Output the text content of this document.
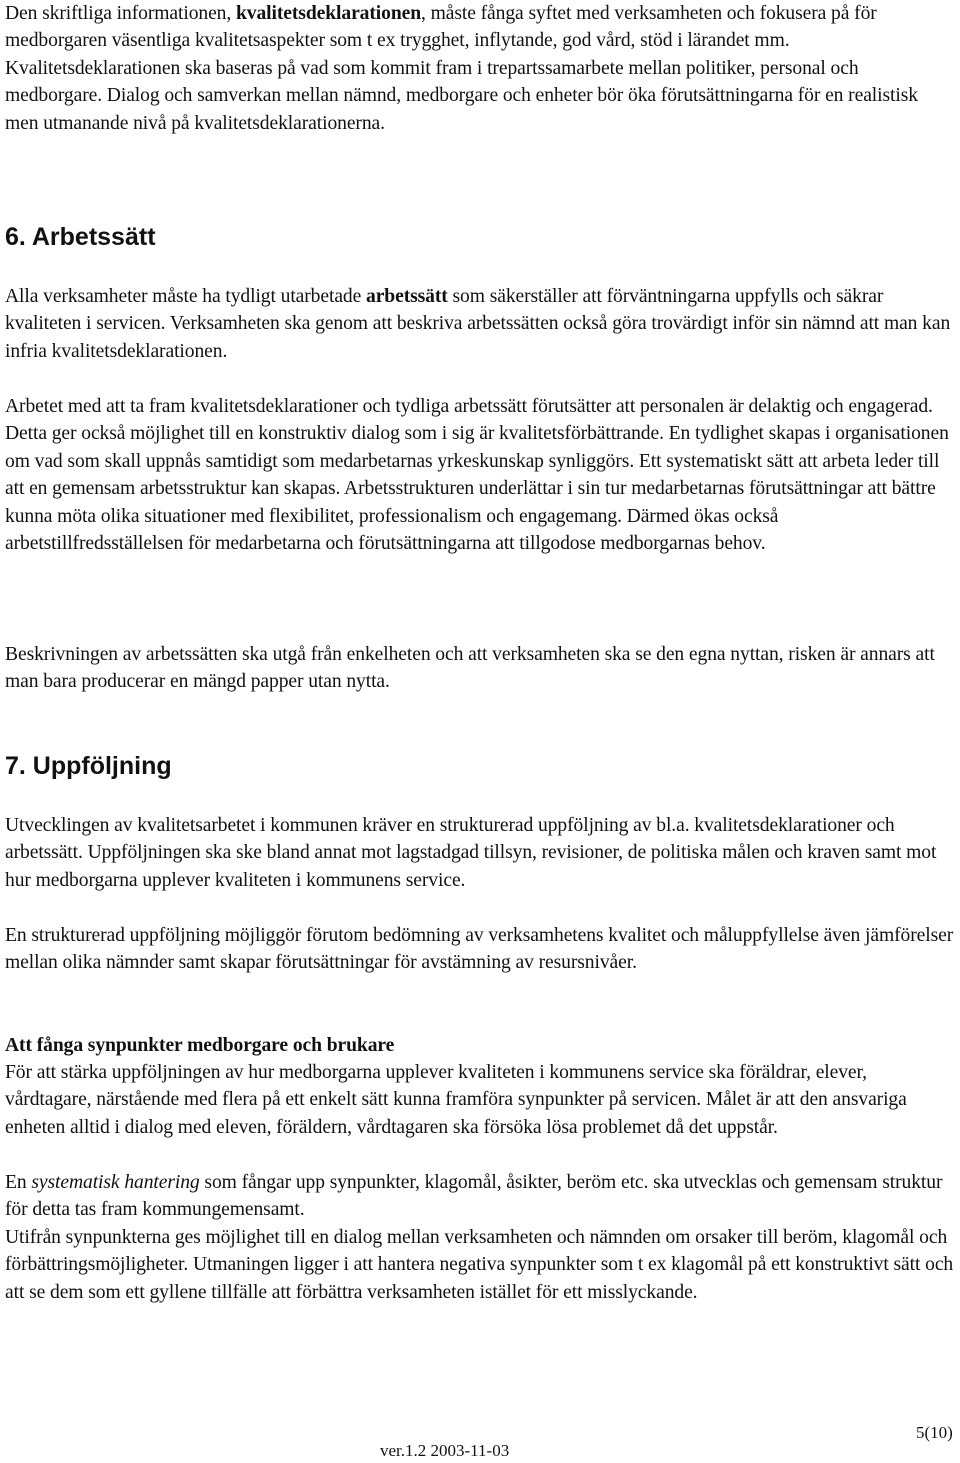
Den skriftliga informationen, kvalitetsdeklarationen, måste fånga syftet med verksamheten och fokusera på för medborgaren väsentliga kvalitetsaspekter som t ex trygghet, inflytande, god vård, stöd i lärandet mm. Kvalitetsdeklarationen ska baseras på vad som kommit fram i trepartssamarbete mellan politiker, personal och medborgare. Dialog och samverkan mellan nämnd, medborgare och enheter bör öka förutsättningarna för en realistisk men utmanande nivå på kvalitetsdeklarationerna.

6. Arbetssätt

Alla verksamheter måste ha tydligt utarbetade arbetssätt som säkerställer att förväntningarna uppfylls och säkrar kvaliteten i servicen. Verksamheten ska genom att beskriva arbetssätten också göra trovärdigt inför sin nämnd att man kan infria kvalitetsdeklarationen.

Arbetet med att ta fram kvalitetsdeklarationer och tydliga arbetssätt förutsätter att personalen är delaktig och engagerad. Detta ger också möjlighet till en konstruktiv dialog som i sig är kvalitetsförbättrande. En tydlighet skapas i organisationen om vad som skall uppnås samtidigt som medarbetarnas yrkeskunskap synliggörs. Ett systematiskt sätt att arbeta leder till att en gemensam arbetsstruktur kan skapas. Arbetsstrukturen underlättar i sin tur medarbetarnas förutsättningar att bättre kunna möta olika situationer med flexibilitet, professionalism och engagemang. Därmed ökas också arbetstillfredsställelsen för medarbetarna och förutsättningarna att tillgodose medborgarnas behov.

Beskrivningen av arbetssätten ska utgå från enkelheten och att verksamheten ska se den egna nyttan, risken är annars att man bara producerar en mängd papper utan nytta.

7. Uppföljning

Utvecklingen av kvalitetsarbetet i kommunen kräver en strukturerad uppföljning av bl.a. kvalitetsdeklarationer och arbetssätt. Uppföljningen ska ske bland annat mot lagstadgad tillsyn, revisioner, de politiska målen och kraven samt mot hur medborgarna upplever kvaliteten i kommunens service.

En strukturerad uppföljning möjliggör förutom bedömning av verksamhetens kvalitet och måluppfyllelse även jämförelser mellan olika nämnder samt skapar förutsättningar för avstämning av resursnivåer.

Att fånga synpunkter medborgare och brukare

För att stärka uppföljningen av hur medborgarna upplever kvaliteten i kommunens service ska föräldrar, elever, vårdtagare, närstående med flera på ett enkelt sätt kunna framföra synpunkter på servicen. Målet är att den ansvariga enheten alltid i dialog med eleven, föräldern, vårdtagaren ska försöka lösa problemet då det uppstår.

En systematisk hantering som fångar upp synpunkter, klagomål, åsikter, beröm etc. ska utvecklas och gemensam struktur för detta tas fram kommungemensamt.

Utifrån synpunkterna ges möjlighet till en dialog mellan verksamheten och nämnden om orsaker till beröm, klagomål och förbättringsmöjligheter. Utmaningen ligger i att hantera negativa synpunkter som t ex klagomål på ett konstruktivt sätt och att se dem som ett gyllene tillfälle att förbättra verksamheten istället för ett misslyckande.

5(10)
ver.1.2 2003-11-03
